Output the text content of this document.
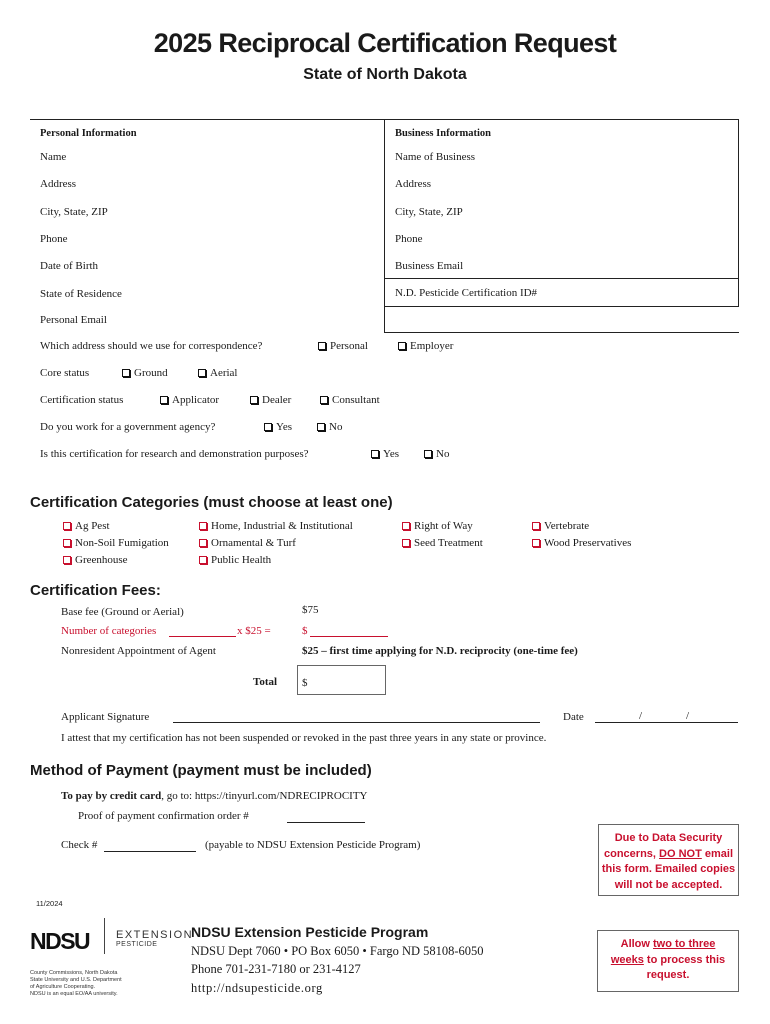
2025 Reciprocal Certification Request
State of North Dakota
Personal Information
Name
Address
City, State, ZIP
Phone
Date of Birth
State of Residence
Personal Email
Business Information
Name of Business
Address
City, State, ZIP
Phone
Business Email
N.D. Pesticide Certification ID#
Which address should we use for correspondence?	Personal	Employer
Core status	Ground	Aerial
Certification status	Applicator	Dealer	Consultant
Do you work for a government agency?	Yes	No
Is this certification for research and demonstration purposes?	Yes	No
Certification Categories (must choose at least one)
Ag Pest
Non-Soil Fumigation
Greenhouse
Home, Industrial & Institutional
Ornamental & Turf
Public Health
Right of Way
Seed Treatment
Vertebrate
Wood Preservatives
Certification Fees:
Base fee (Ground or Aerial)	$75
Number of categories	x $25 =	$
Nonresident Appointment of Agent	$25 – first time applying for N.D. reciprocity (one-time fee)
Total $
Applicant Signature	Date	/	/
I attest that my certification has not been suspended or revoked in the past three years in any state or province.
Method of Payment (payment must be included)
To pay by credit card, go to: https://tinyurl.com/NDRECIPROCITY
Proof of payment confirmation order #
Check #	(payable to NDSU Extension Pesticide Program)
Due to Data Security
concerns, DO NOT email
this form. Emailed copies
will not be accepted.
11/2024
NDSU EXTENSION
PESTICIDE
County Commissions, North Dakota
State University and U.S. Department
of Agriculture Cooperating.
NDSU is an equal EO/AA university.
NDSU Extension Pesticide Program
NDSU Dept 7060 • PO Box 6050 • Fargo ND 58108-6050
Phone 701-231-7180 or 231-4127
http://ndsupesticide.org
Allow two to three
weeks to process this
request.
